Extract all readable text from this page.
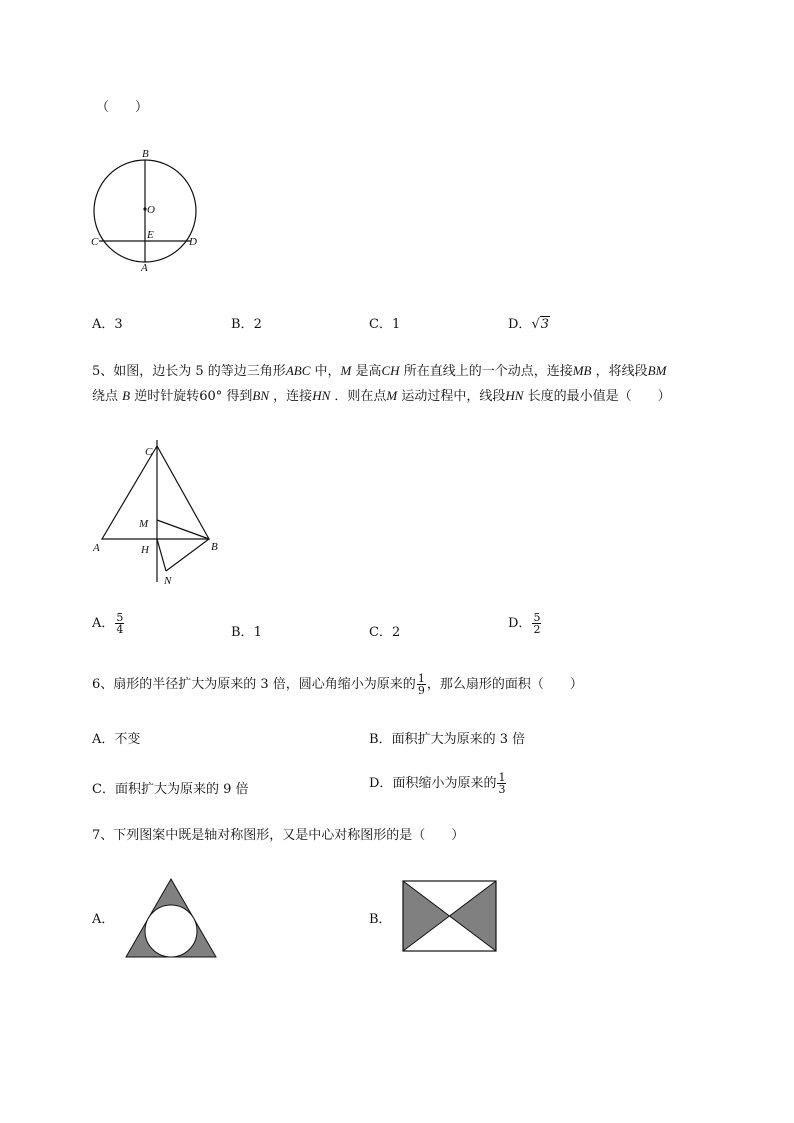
（　　）
B
O
E
C	D
A
A．3	B．2	C．1	D．√3
5、如图，边长为 5 的等边三角形ABC 中，M 是高CH 所在直线上的一个动点，连接MB ，将线段BM
绕点 B 逆时针旋转60° 得到BN ，连接HN ．则在点M 运动过程中，线段HN 长度的最小值是（　　）
C
M
A	H	B
N
A． $\frac{5}{4}$	B．1	C．2
D． $\frac{5}{2}$
6、扇形的半径扩大为原来的 3 倍，圆心角缩小为原来的 $\frac{1}{9}$ ，那么扇形的面积（　　）
A．不变	B．面积扩大为原来的 3 倍
C．面积扩大为原来的 9 倍	D．面积缩小为原来的 $\frac{1}{3}$
7、下列图案中既是轴对称图形，又是中心对称图形的是（　　）
A．	B．
